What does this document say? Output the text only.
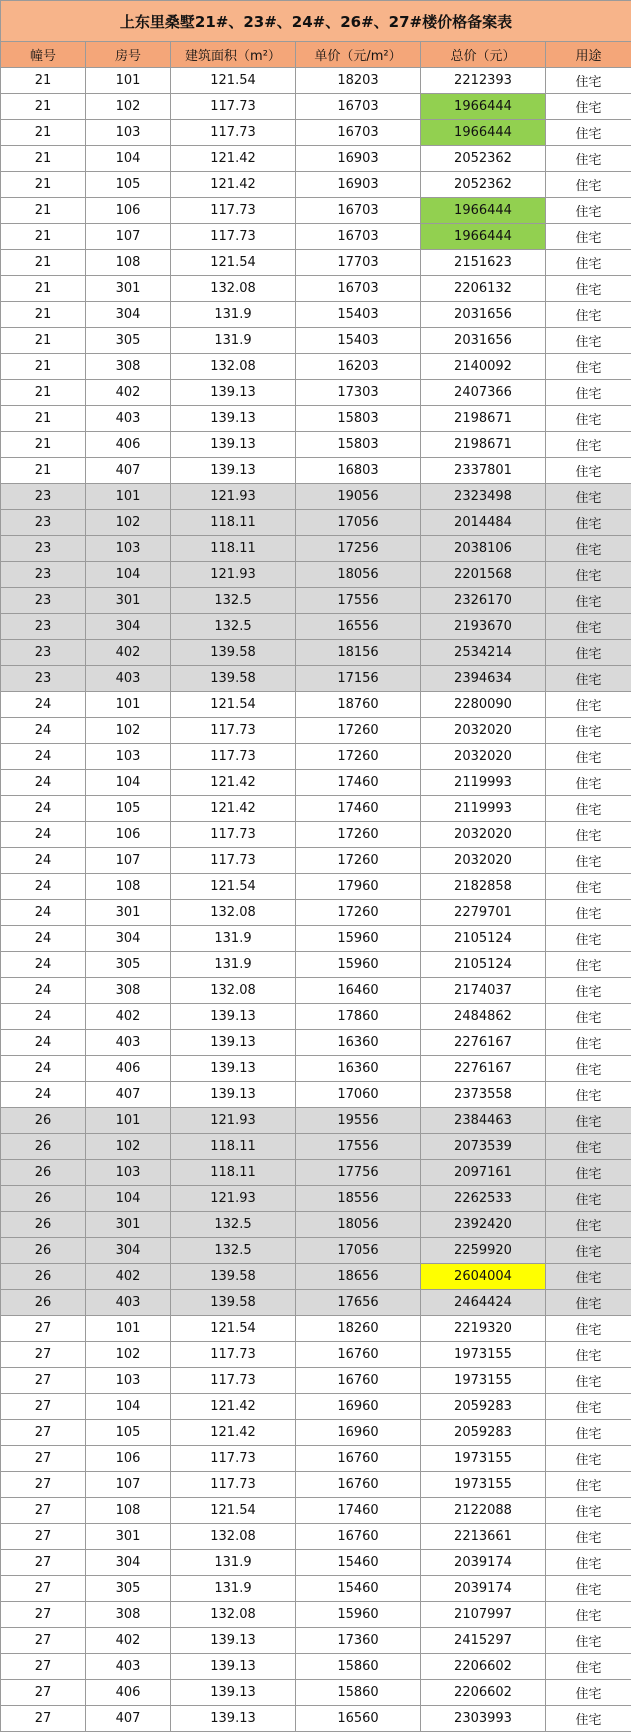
上东里桑墅21#、23#、24#、26#、27#楼价格备案表					
幢号	房号	建筑面积（m²）	单价（元/m²）	总价（元）	用途
21	101	121.54	18203	2212393	住宅
21	102	117.73	16703	1966444	住宅
21	103	117.73	16703	1966444	住宅
21	104	121.42	16903	2052362	住宅
21	105	121.42	16903	2052362	住宅
21	106	117.73	16703	1966444	住宅
21	107	117.73	16703	1966444	住宅
21	108	121.54	17703	2151623	住宅
21	301	132.08	16703	2206132	住宅
21	304	131.9	15403	2031656	住宅
21	305	131.9	15403	2031656	住宅
21	308	132.08	16203	2140092	住宅
21	402	139.13	17303	2407366	住宅
21	403	139.13	15803	2198671	住宅
21	406	139.13	15803	2198671	住宅
21	407	139.13	16803	2337801	住宅
23	101	121.93	19056	2323498	住宅
23	102	118.11	17056	2014484	住宅
23	103	118.11	17256	2038106	住宅
23	104	121.93	18056	2201568	住宅
23	301	132.5	17556	2326170	住宅
23	304	132.5	16556	2193670	住宅
23	402	139.58	18156	2534214	住宅
23	403	139.58	17156	2394634	住宅
24	101	121.54	18760	2280090	住宅
24	102	117.73	17260	2032020	住宅
24	103	117.73	17260	2032020	住宅
24	104	121.42	17460	2119993	住宅
24	105	121.42	17460	2119993	住宅
24	106	117.73	17260	2032020	住宅
24	107	117.73	17260	2032020	住宅
24	108	121.54	17960	2182858	住宅
24	301	132.08	17260	2279701	住宅
24	304	131.9	15960	2105124	住宅
24	305	131.9	15960	2105124	住宅
24	308	132.08	16460	2174037	住宅
24	402	139.13	17860	2484862	住宅
24	403	139.13	16360	2276167	住宅
24	406	139.13	16360	2276167	住宅
24	407	139.13	17060	2373558	住宅
26	101	121.93	19556	2384463	住宅
26	102	118.11	17556	2073539	住宅
26	103	118.11	17756	2097161	住宅
26	104	121.93	18556	2262533	住宅
26	301	132.5	18056	2392420	住宅
26	304	132.5	17056	2259920	住宅
26	402	139.58	18656	2604004	住宅
26	403	139.58	17656	2464424	住宅
27	101	121.54	18260	2219320	住宅
27	102	117.73	16760	1973155	住宅
27	103	117.73	16760	1973155	住宅
27	104	121.42	16960	2059283	住宅
27	105	121.42	16960	2059283	住宅
27	106	117.73	16760	1973155	住宅
27	107	117.73	16760	1973155	住宅
27	108	121.54	17460	2122088	住宅
27	301	132.08	16760	2213661	住宅
27	304	131.9	15460	2039174	住宅
27	305	131.9	15460	2039174	住宅
27	308	132.08	15960	2107997	住宅
27	402	139.13	17360	2415297	住宅
27	403	139.13	15860	2206602	住宅
27	406	139.13	15860	2206602	住宅
27	407	139.13	16560	2303993	住宅
